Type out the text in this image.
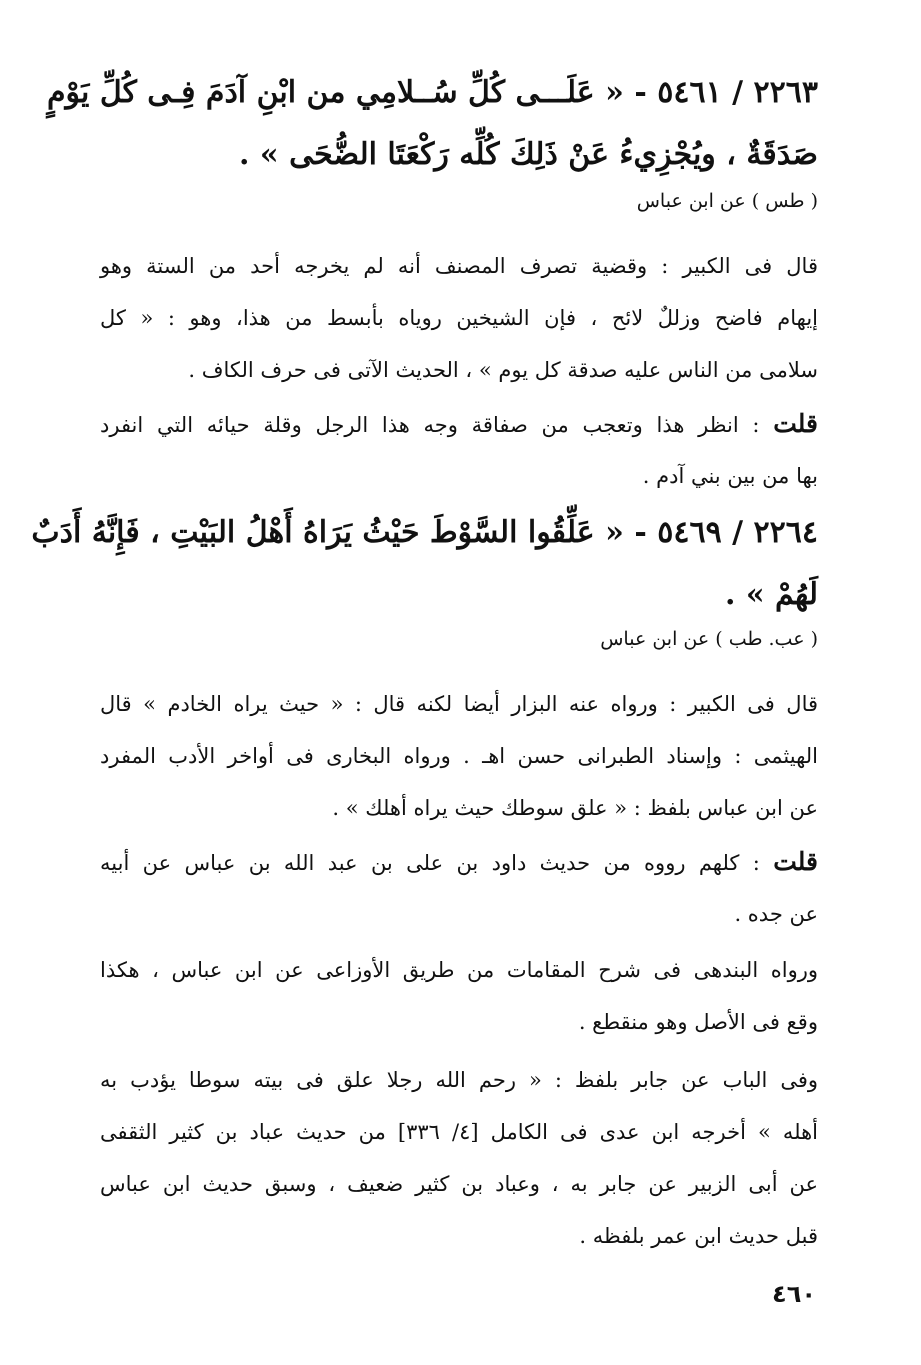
٢٢٦٣ / ٥٤٦١ - « عَلَـــى كُلِّ سُــلامِي من ابْنِ آدَمَ فِـى كُلِّ يَوْمٍ
صَدَقَةٌ ، ويُجْزِيءُ عَنْ ذَلِكَ كُلِّه رَكْعَتَا الضُّحَى » .
( طس ) عن ابن عباس
قال فى الكبير : وقضية تصرف المصنف أنه لم يخرجه أحد من الستة وهو
إيهام فاضح وزللٌ لائح ، فإن الشيخين روياه بأبسط من هذا، وهو : « كل
سلامى من الناس عليه صدقة كل يوم » ، الحديث الآتى فى حرف الكاف .
قلت : انظر هذا وتعجب من صفاقة وجه هذا الرجل وقلة حيائه التي انفرد
بها من بين بني آدم .
٢٢٦٤ / ٥٤٦٩ - « عَلِّقُوا السَّوْطَ حَيْثُ يَرَاهُ أَهْلُ البَيْتِ ، فَإِنَّهُ أَدَبٌ
لَهُمْ » .
( عب. طب ) عن ابن عباس
قال فى الكبير : ورواه عنه البزار أيضا لكنه قال : « حيث يراه الخادم » قال
الهيثمى : وإسناد الطبرانى حسن اهـ . ورواه البخارى فى أواخر الأدب المفرد
عن ابن عباس بلفظ : « علق سوطك حيث يراه أهلك » .
قلت : كلهم رووه من حديث داود بن على بن عبد الله بن عباس عن أبيه
عن جده .
ورواه البندهى فى شرح المقامات من طريق الأوزاعى عن ابن عباس ، هكذا
وقع فى الأصل وهو منقطع .
وفى الباب عن جابر بلفظ : « رحم الله رجلا علق فى بيته سوطا يؤدب به
أهله » أخرجه ابن عدى فى الكامل [٤/ ٣٣٦] من حديث عباد بن كثير الثقفى
عن أبى الزبير عن جابر به ، وعباد بن كثير ضعيف ، وسبق حديث ابن عباس
قبل حديث ابن عمر بلفظه .
٤٦٠
